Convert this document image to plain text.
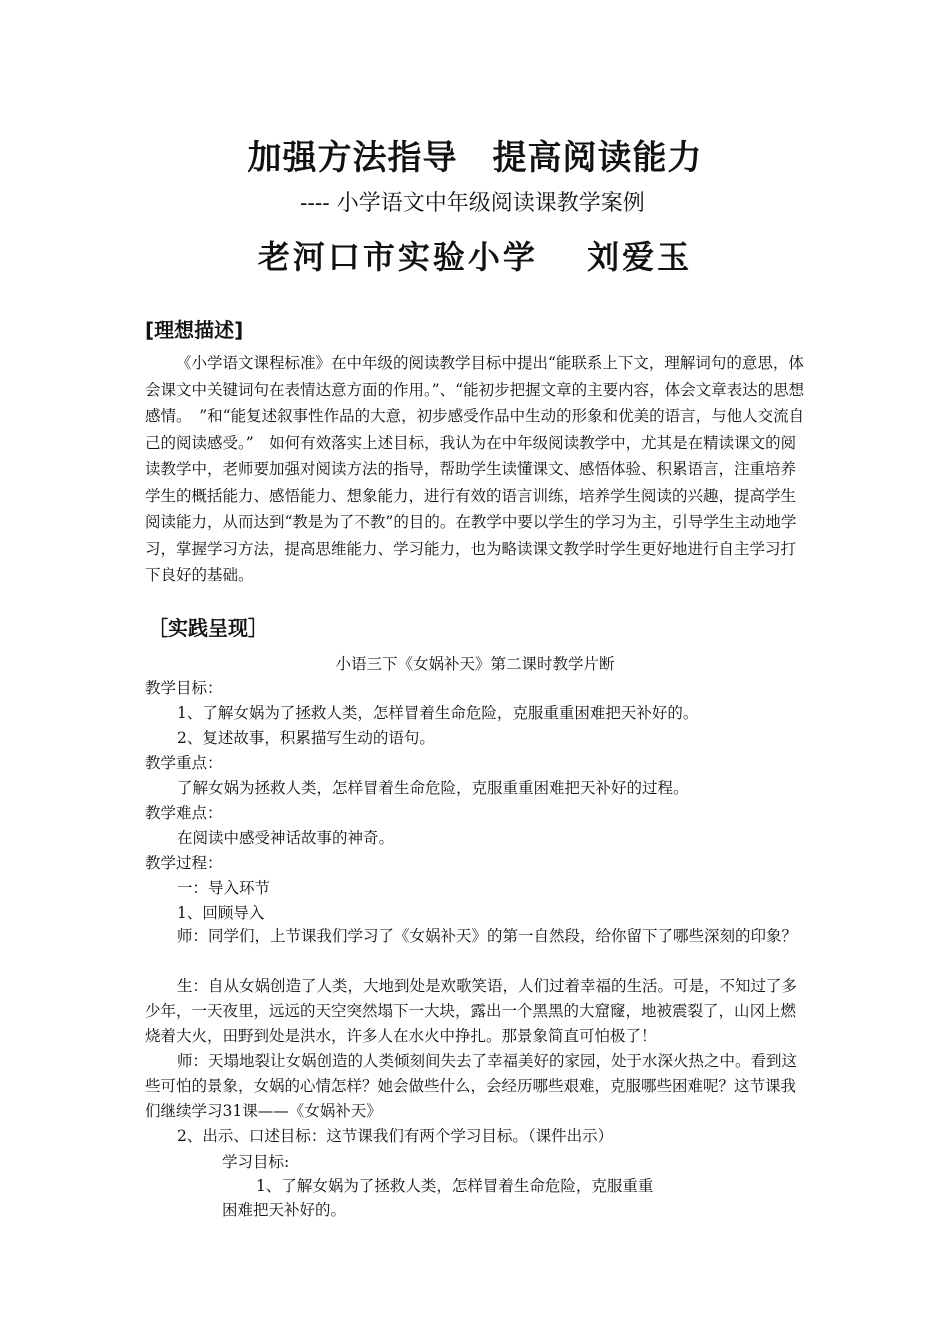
加强方法指导　提高阅读能力
---- 小学语文中年级阅读课教学案例
老河口市实验小学　 刘爱玉
[理想描述]
《小学语文课程标准》在中年级的阅读教学目标中提出“能联系上下文，理解词句的意思，体会课文中关键词句在表情达意方面的作用。”、“能初步把握文章的主要内容，体会文章表达的思想感情。　”和“能复述叙事性作品的大意，初步感受作品中生动的形象和优美的语言，与他人交流自己的阅读感受。”　如何有效落实上述目标，我认为在中年级阅读教学中，尤其是在精读课文的阅读教学中，老师要加强对阅读方法的指导，帮助学生读懂课文、感悟体验、积累语言，注重培养学生的概括能力、感悟能力、想象能力，进行有效的语言训练，培养学生阅读的兴趣，提高学生阅读能力，从而达到“教是为了不教”的目的。在教学中要以学生的学习为主，引导学生主动地学习，掌握学习方法，提高思维能力、学习能力，也为略读课文教学时学生更好地进行自主学习打下良好的基础。
［实践呈现］
小语三下《女娲补天》第二课时教学片断
教学目标：
1、了解女娲为了拯救人类，怎样冒着生命危险，克服重重困难把天补好的。
2、复述故事，积累描写生动的语句。
教学重点：
了解女娲为拯救人类，怎样冒着生命危险，克服重重困难把天补好的过程。
教学难点：
在阅读中感受神话故事的神奇。
教学过程：
一：导入环节
1、回顾导入
师：同学们，上节课我们学习了《女娲补天》的第一自然段，给你留下了哪些深刻的印象？
生：自从女娲创造了人类，大地到处是欢歌笑语，人们过着幸福的生活。可是，不知过了多少年，一天夜里，远远的天空突然塌下一大块，露出一个黑黑的大窟窿，地被震裂了，山冈上燃烧着大火，田野到处是洪水，许多人在水火中挣扎。那景象简直可怕极了！
师：天塌地裂让女娲创造的人类倾刻间失去了幸福美好的家园，处于水深火热之中。看到这些可怕的景象，女娲的心情怎样？她会做些什么，会经历哪些艰难，克服哪些困难呢？这节课我们继续学习31课——《女娲补天》
2、出示、口述目标：这节课我们有两个学习目标。（课件出示）
学习目标:
1、了解女娲为了拯救人类，怎样冒着生命危险，克服重重
困难把天补好的。
